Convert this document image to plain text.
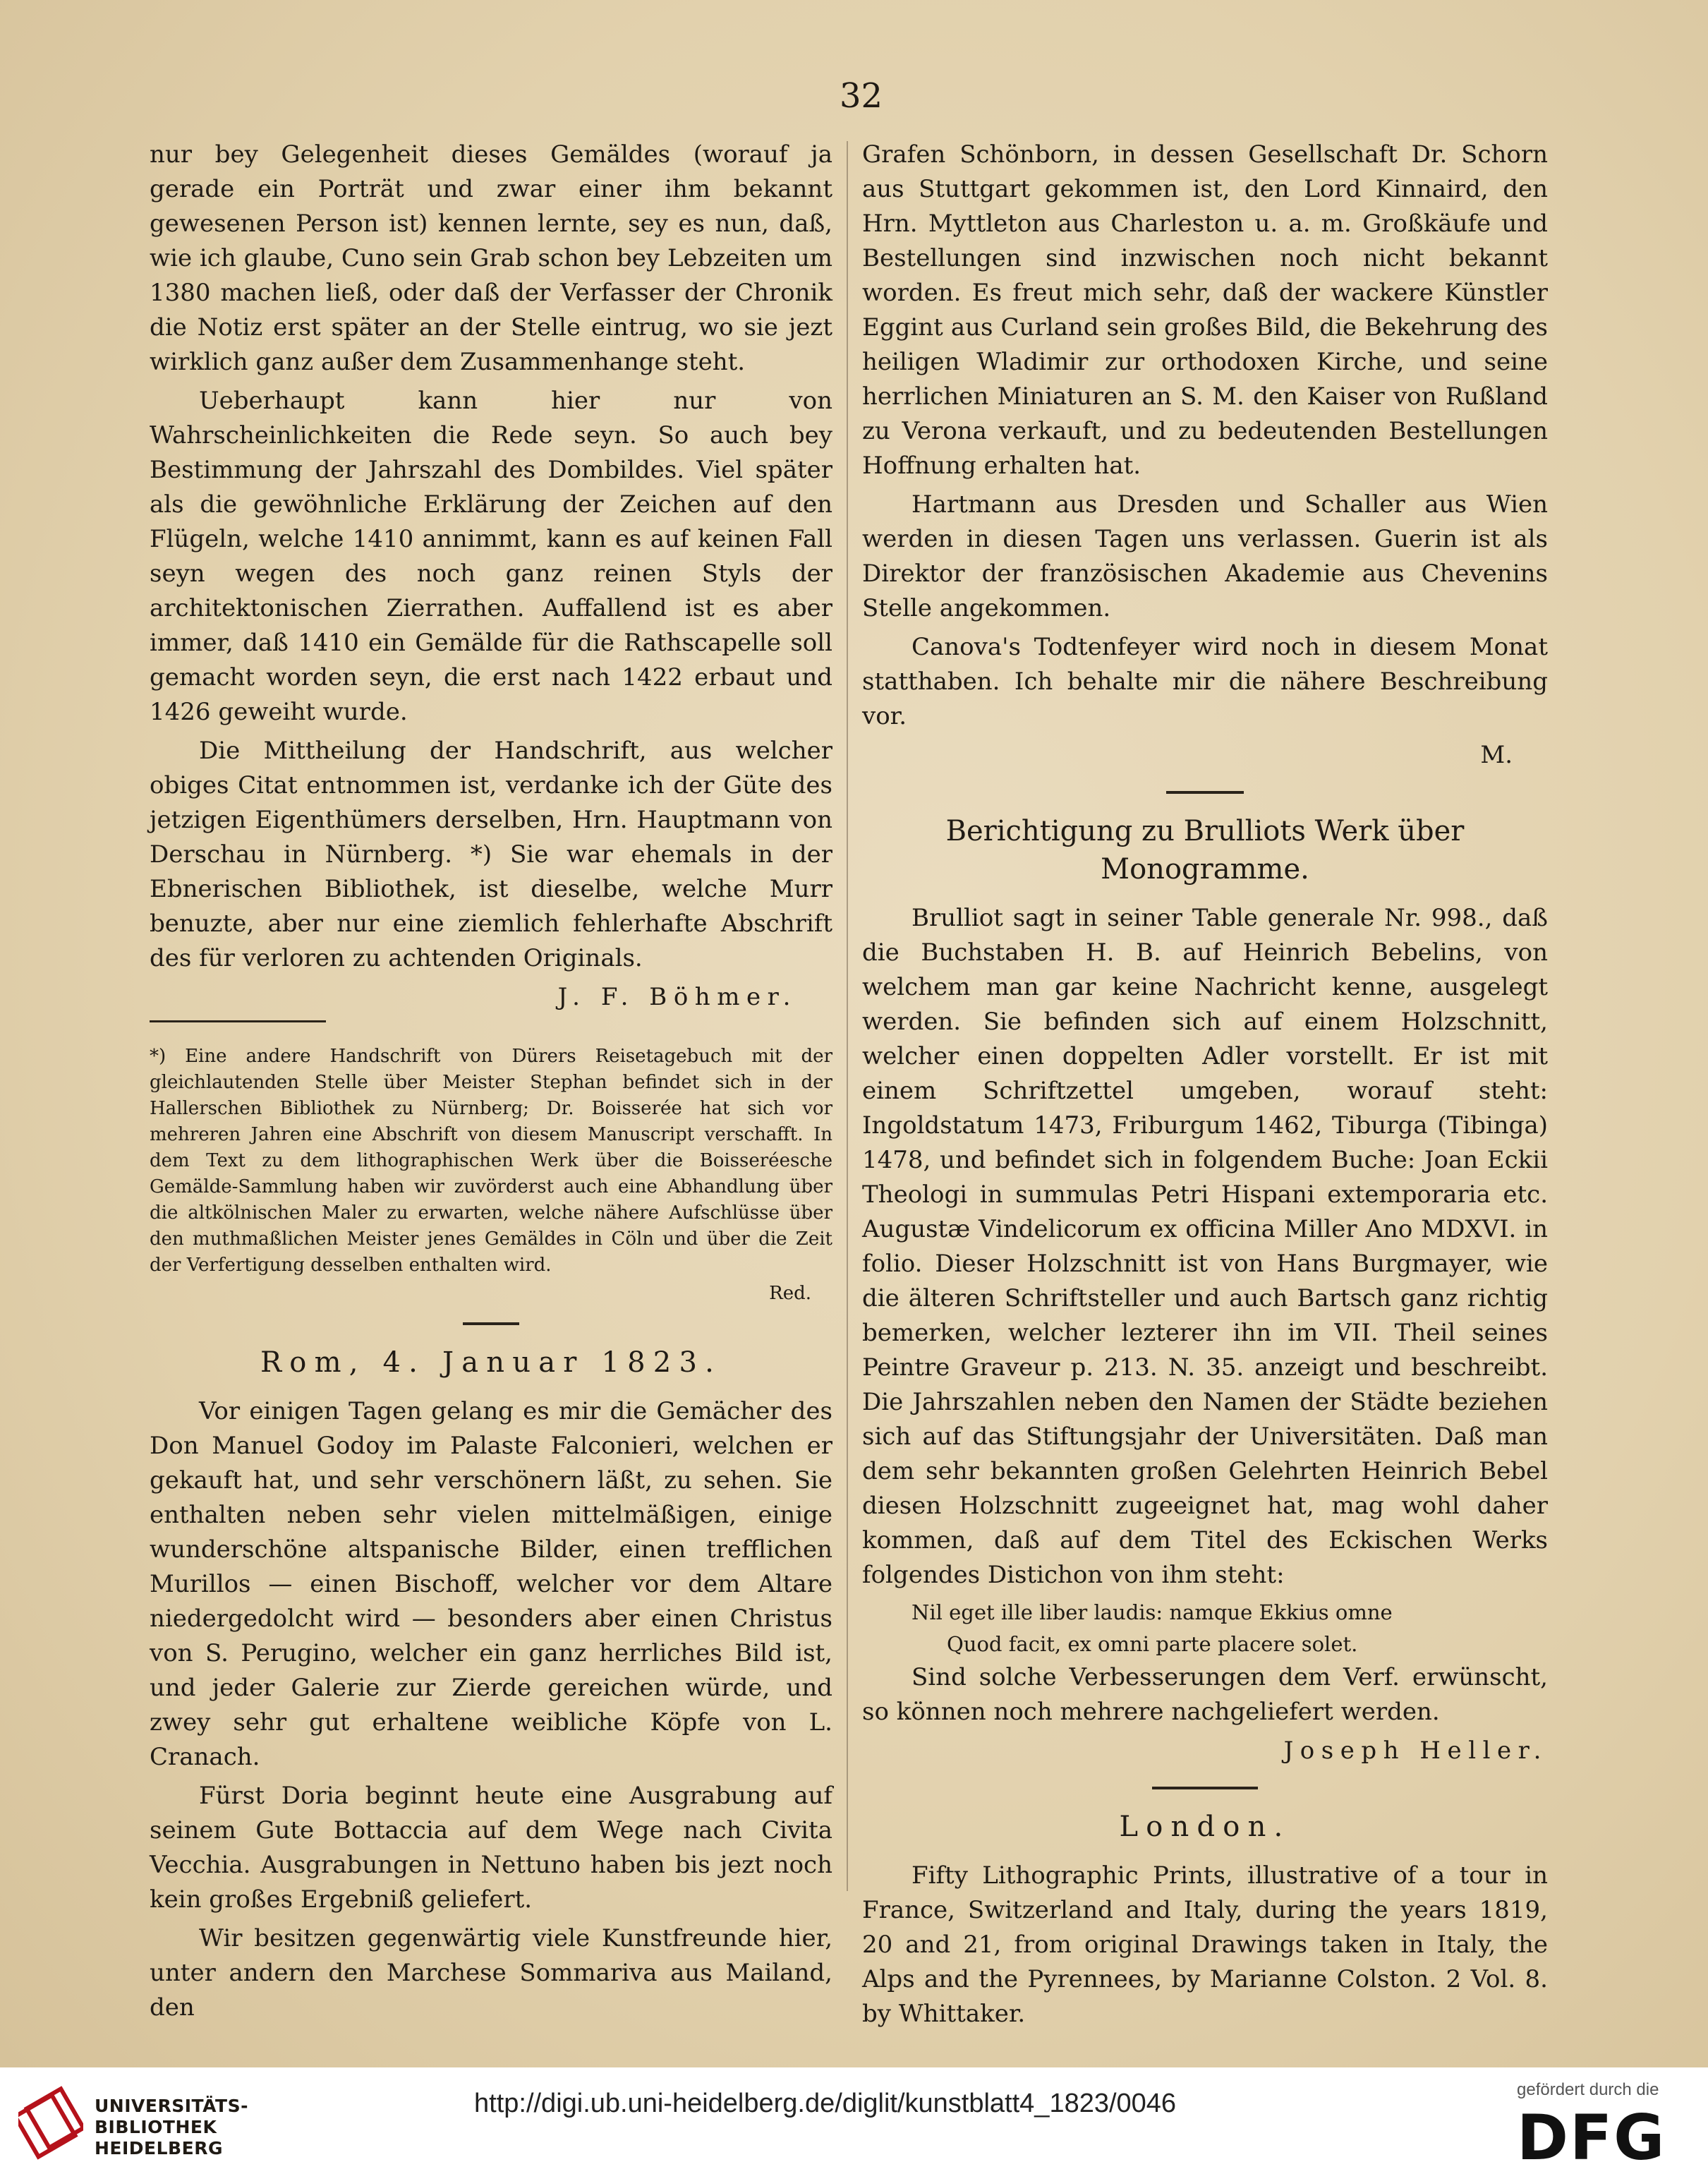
32

nur bey Gelegenheit dieses Gemäldes (worauf ja gerade ein Porträt und zwar einer ihm bekannt gewesenen Person ist) kennen lernte, sey es nun, daß, wie ich glaube, Cuno sein Grab schon bey Lebzeiten um 1380 machen ließ, oder daß der Verfasser der Chronik die Notiz erst später an der Stelle eintrug, wo sie jezt wirklich ganz außer dem Zusammenhange steht.

Ueberhaupt kann hier nur von Wahrscheinlichkeiten die Rede seyn. So auch bey Bestimmung der Jahrszahl des Dombildes. Viel später als die gewöhnliche Erklärung der Zeichen auf den Flügeln, welche 1410 annimmt, kann es auf keinen Fall seyn wegen des noch ganz reinen Styls der architektonischen Zierrathen. Auffallend ist es aber immer, daß 1410 ein Gemälde für die Rathscapelle soll gemacht worden seyn, die erst nach 1422 erbaut und 1426 geweiht wurde.

Die Mittheilung der Handschrift, aus welcher obiges Citat entnommen ist, verdanke ich der Güte des jetzigen Eigenthümers derselben, Hrn. Hauptmann von Derschau in Nürnberg. *) Sie war ehemals in der Ebnerischen Bibliothek, ist dieselbe, welche Murr benuzte, aber nur eine ziemlich fehlerhafte Abschrift des für verloren zu achtenden Originals.

J. F. Böhmer.

*) Eine andere Handschrift von Dürers Reisetagebuch mit der gleichlautenden Stelle über Meister Stephan befindet sich in der Hallerschen Bibliothek zu Nürnberg; Dr. Boisserée hat sich vor mehreren Jahren eine Abschrift von diesem Manuscript verschafft. In dem Text zu dem lithographischen Werk über die Boisseréesche Gemälde-Sammlung haben wir zuvörderst auch eine Abhandlung über die altkölnischen Maler zu erwarten, welche nähere Aufschlüsse über den muthmaßlichen Meister jenes Gemäldes in Cöln und über die Zeit der Verfertigung desselben enthalten wird.

Red.
Rom, 4. Januar 1823.

Vor einigen Tagen gelang es mir die Gemächer des Don Manuel Godoy im Palaste Falconieri, welchen er gekauft hat, und sehr verschönern läßt, zu sehen. Sie enthalten neben sehr vielen mittelmäßigen, einige wunderschöne altspanische Bilder, einen trefflichen Murillos — einen Bischoff, welcher vor dem Altare niedergedolcht wird — besonders aber einen Christus von S. Perugino, welcher ein ganz herrliches Bild ist, und jeder Galerie zur Zierde gereichen würde, und zwey sehr gut erhaltene weibliche Köpfe von L. Cranach.

Fürst Doria beginnt heute eine Ausgrabung auf seinem Gute Bottaccia auf dem Wege nach Civita Vecchia. Ausgrabungen in Nettuno haben bis jezt noch kein großes Ergebniß geliefert.

Wir besitzen gegenwärtig viele Kunstfreunde hier, unter andern den Marchese Sommariva aus Mailand, den

Grafen Schönborn, in dessen Gesellschaft Dr. Schorn aus Stuttgart gekommen ist, den Lord Kinnaird, den Hrn. Myttleton aus Charleston u. a. m. Großkäufe und Bestellungen sind inzwischen noch nicht bekannt worden. Es freut mich sehr, daß der wackere Künstler Eggint aus Curland sein großes Bild, die Bekehrung des heiligen Wladimir zur orthodoxen Kirche, und seine herrlichen Miniaturen an S. M. den Kaiser von Rußland zu Verona verkauft, und zu bedeutenden Bestellungen Hoffnung erhalten hat.

Hartmann aus Dresden und Schaller aus Wien werden in diesen Tagen uns verlassen. Guerin ist als Direktor der französischen Akademie aus Chevenins Stelle angekommen.

Canova's Todtenfeyer wird noch in diesem Monat statthaben. Ich behalte mir die nähere Beschreibung vor.

M.

Berichtigung zu Brulliots Werk über Monogramme.

Brulliot sagt in seiner Table generale Nr. 998., daß die Buchstaben H. B. auf Heinrich Bebelins, von welchem man gar keine Nachricht kenne, ausgelegt werden. Sie befinden sich auf einem Holzschnitt, welcher einen doppelten Adler vorstellt. Er ist mit einem Schriftzettel umgeben, worauf steht: Ingoldstatum 1473, Friburgum 1462, Tiburga (Tibinga) 1478, und befindet sich in folgendem Buche: Joan Eckii Theologi in summulas Petri Hispani extemporaria etc. Augustæ Vindelicorum ex officina Miller Ano MDXVI. in folio. Dieser Holzschnitt ist von Hans Burgmayer, wie die älteren Schriftsteller und auch Bartsch ganz richtig bemerken, welcher lezterer ihn im VII. Theil seines Peintre Graveur p. 213. N. 35. anzeigt und beschreibt. Die Jahrszahlen neben den Namen der Städte beziehen sich auf das Stiftungsjahr der Universitäten. Daß man dem sehr bekannten großen Gelehrten Heinrich Bebel diesen Holzschnitt zugeeignet hat, mag wohl daher kommen, daß auf dem Titel des Eckischen Werks folgendes Distichon von ihm steht:

Nil eget ille liber laudis: namque Ekkius omne
Quod facit, ex omni parte placere solet.

Sind solche Verbesserungen dem Verf. erwünscht, so können noch mehrere nachgeliefert werden.

Joseph Heller.

London.

Fifty Lithographic Prints, illustrative of a tour in France, Switzerland and Italy, during the years 1819, 20 and 21, from original Drawings taken in Italy, the Alps and the Pyrennees, by Marianne Colston. 2 Vol. 8. by Whittaker.

UNIVERSITÄTS-
BIBLIOTHEK
HEIDELBERG
http://digi.ub.uni-heidelberg.de/diglit/kunstblatt4_1823/0046	gefördert durch die
DFG
